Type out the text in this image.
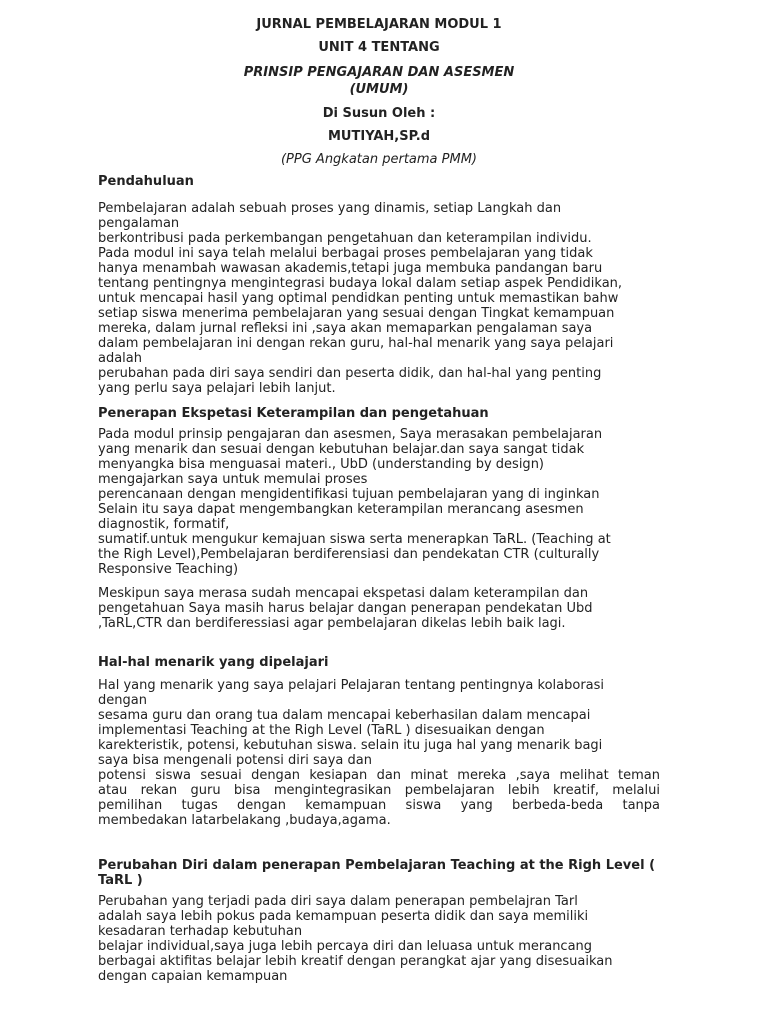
JURNAL PEMBELAJARAN MODUL 1
UNIT 4 TENTANG
PRINSIP PENGAJARAN DAN ASESMEN
(UMUM)
Di Susun Oleh :
MUTIYAH,SP.d
(PPG Angkatan pertama PMM)
Pendahuluan
Pembelajaran adalah sebuah proses yang dinamis, setiap Langkah dan
pengalaman
berkontribusi pada perkembangan pengetahuan dan keterampilan individu.
Pada modul ini saya telah melalui berbagai proses pembelajaran yang tidak
hanya menambah wawasan akademis,tetapi juga membuka pandangan baru
tentang pentingnya mengintegrasi budaya lokal dalam setiap aspek Pendidikan,
untuk mencapai hasil yang optimal pendidkan penting untuk memastikan bahw
setiap siswa menerima pembelajaran yang sesuai dengan Tingkat kemampuan
mereka, dalam jurnal refleksi ini ,saya akan memaparkan pengalaman saya
dalam pembelajaran ini dengan rekan guru, hal-hal menarik yang saya pelajari
adalah
perubahan pada diri saya sendiri dan peserta didik, dan hal-hal yang penting
yang perlu saya pelajari lebih lanjut.
Penerapan Ekspetasi Keterampilan dan pengetahuan
Pada modul prinsip pengajaran dan asesmen, Saya merasakan pembelajaran
yang menarik dan sesuai dengan kebutuhan belajar.dan saya sangat tidak
menyangka bisa menguasai materi., UbD (understanding by design)
mengajarkan saya untuk memulai proses
perencanaan dengan mengidentifikasi tujuan pembelajaran yang di inginkan
Selain itu saya dapat mengembangkan keterampilan merancang asesmen
diagnostik, formatif,
sumatif.untuk mengukur kemajuan siswa serta menerapkan TaRL. (Teaching at
the Righ Level),Pembelajaran berdiferensiasi dan pendekatan CTR (culturally
Responsive Teaching)
Meskipun saya merasa sudah mencapai ekspetasi dalam keterampilan dan
pengetahuan Saya masih harus belajar dangan penerapan pendekatan Ubd
,TaRL,CTR dan berdiferessiasi agar pembelajaran dikelas lebih baik lagi.
Hal-hal menarik yang dipelajari
Hal yang menarik yang saya pelajari Pelajaran tentang pentingnya kolaborasi
dengan
sesama guru dan orang tua dalam mencapai keberhasilan dalam mencapai
implementasi Teaching at the Righ Level (TaRL ) disesuaikan dengan
karekteristik, potensi, kebutuhan siswa. selain itu juga hal yang menarik bagi
saya bisa mengenali potensi diri saya dan
potensi siswa sesuai dengan kesiapan dan minat mereka ,saya melihat teman
atau rekan guru bisa mengintegrasikan pembelajaran lebih kreatif, melalui
pemilihan tugas dengan kemampuan siswa yang berbeda-beda tanpa
membedakan latarbelakang ,budaya,agama.
Perubahan Diri dalam penerapan Pembelajaran Teaching at the Righ Level ( TaRL )
Perubahan yang terjadi pada diri saya dalam penerapan pembelajran Tarl
adalah saya lebih pokus pada kemampuan peserta didik dan saya memiliki
kesadaran terhadap kebutuhan
belajar individual,saya juga lebih percaya diri dan leluasa untuk merancang
berbagai aktifitas belajar lebih kreatif dengan perangkat ajar yang disesuaikan
dengan capaian kemampuan
